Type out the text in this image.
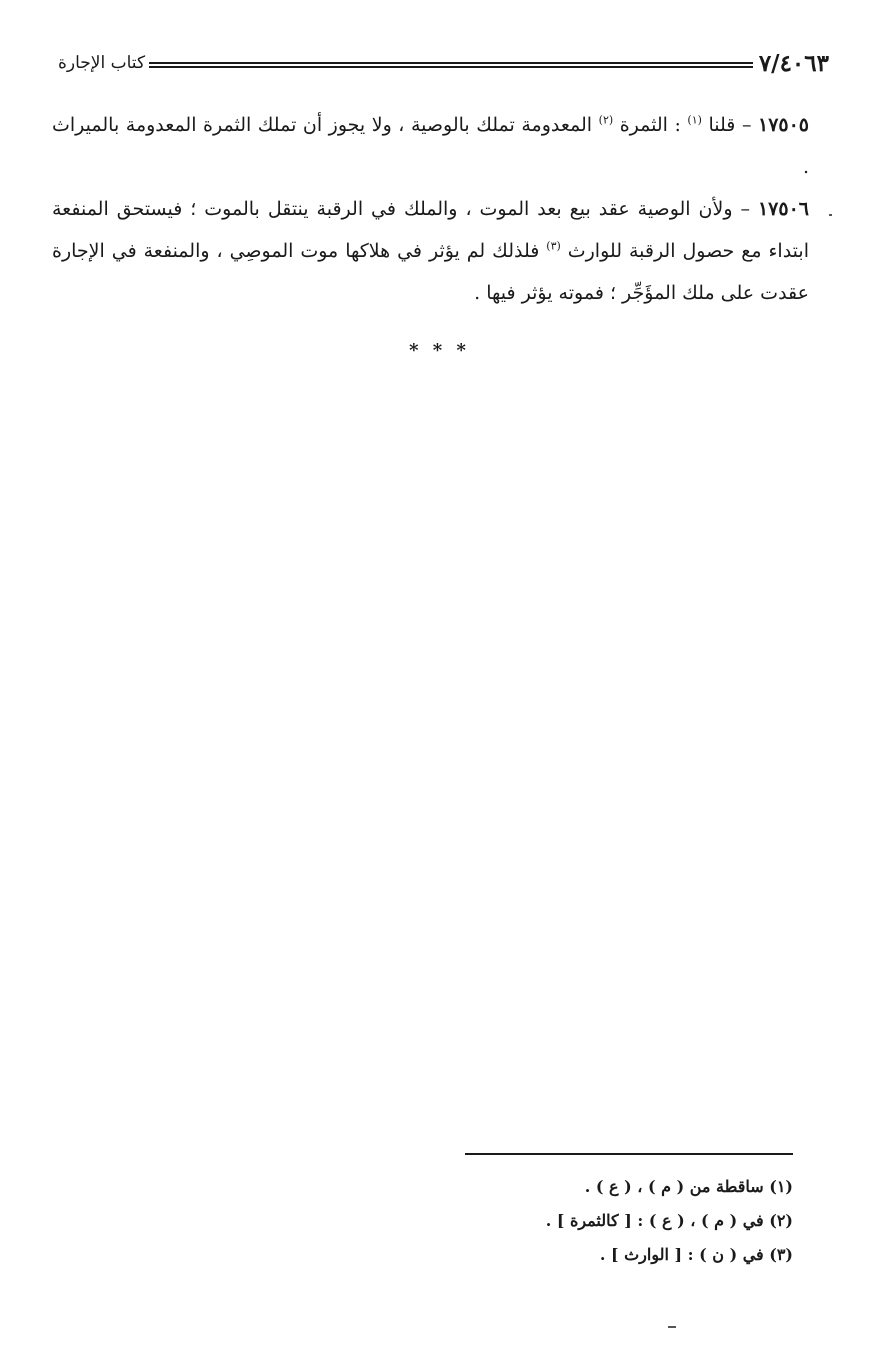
٧/٤٠٦٣
كتاب الإجارة

١٧٥٠٥ – قلنا $^{(١)}$ : الثمرة $^{(٢)}$ المعدومة تملك بالوصية ، ولا يجوز أن تملك الثمرة المعدومة بالميراث .

١٧٥٠٦ – ولأن الوصية عقد بيع بعد الموت ، والملك في الرقبة ينتقل بالموت ؛ فيستحق المنفعة ابتداء مع حصول الرقبة للوارث $^{(٣)}$ فلذلك لم يؤثر في هلاكها موت الموصِي ، والمنفعة في الإجارة عقدت على ملك المؤَجِّر ؛ فموته يؤثر فيها .

* * *

(١) ساقطة من ( م ) ، ( ع ) .

(٢) في ( م ) ، ( ع ) : [ كالثمرة ] .

(٣) في ( ن ) : [ الوارث ] .
